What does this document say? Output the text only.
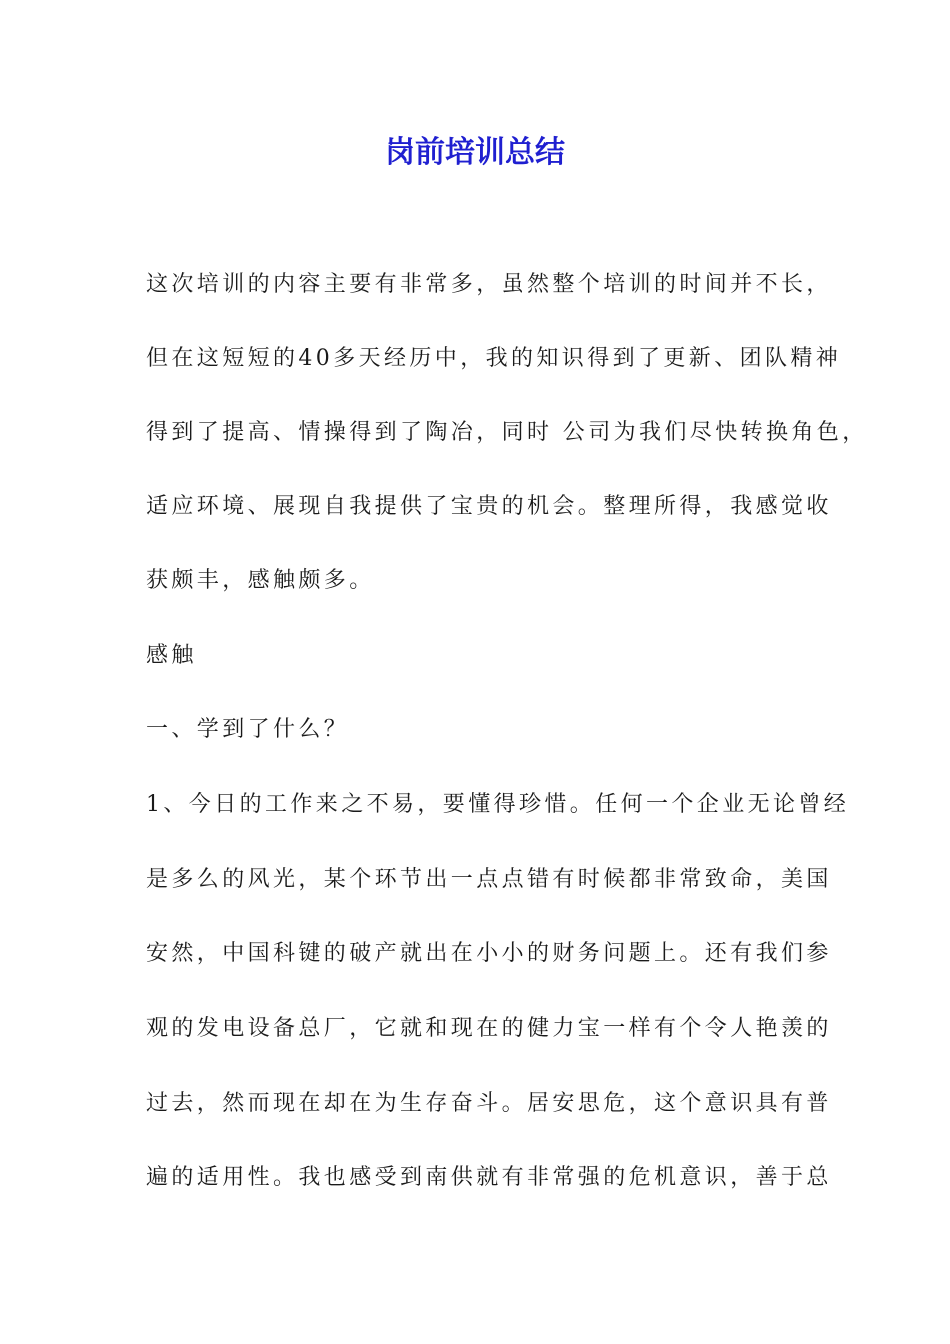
岗前培训总结
这次培训的内容主要有非常多，虽然整个培训的时间并不长，
但在这短短的40多天经历中，我的知识得到了更新、团队精神
得到了提高、情操得到了陶冶，同时 公司为我们尽快转换角色，
适应环境、展现自我提供了宝贵的机会。整理所得，我感觉收
获颇丰，感触颇多。
感触
一、学到了什么？
1、今日的工作来之不易，要懂得珍惜。任何一个企业无论曾经
是多么的风光，某个环节出一点点错有时候都非常致命，美国
安然，中国科键的破产就出在小小的财务问题上。还有我们参
观的发电设备总厂，它就和现在的健力宝一样有个令人艳羡的
过去，然而现在却在为生存奋斗。居安思危，这个意识具有普
遍的适用性。我也感受到南供就有非常强的危机意识，善于总
